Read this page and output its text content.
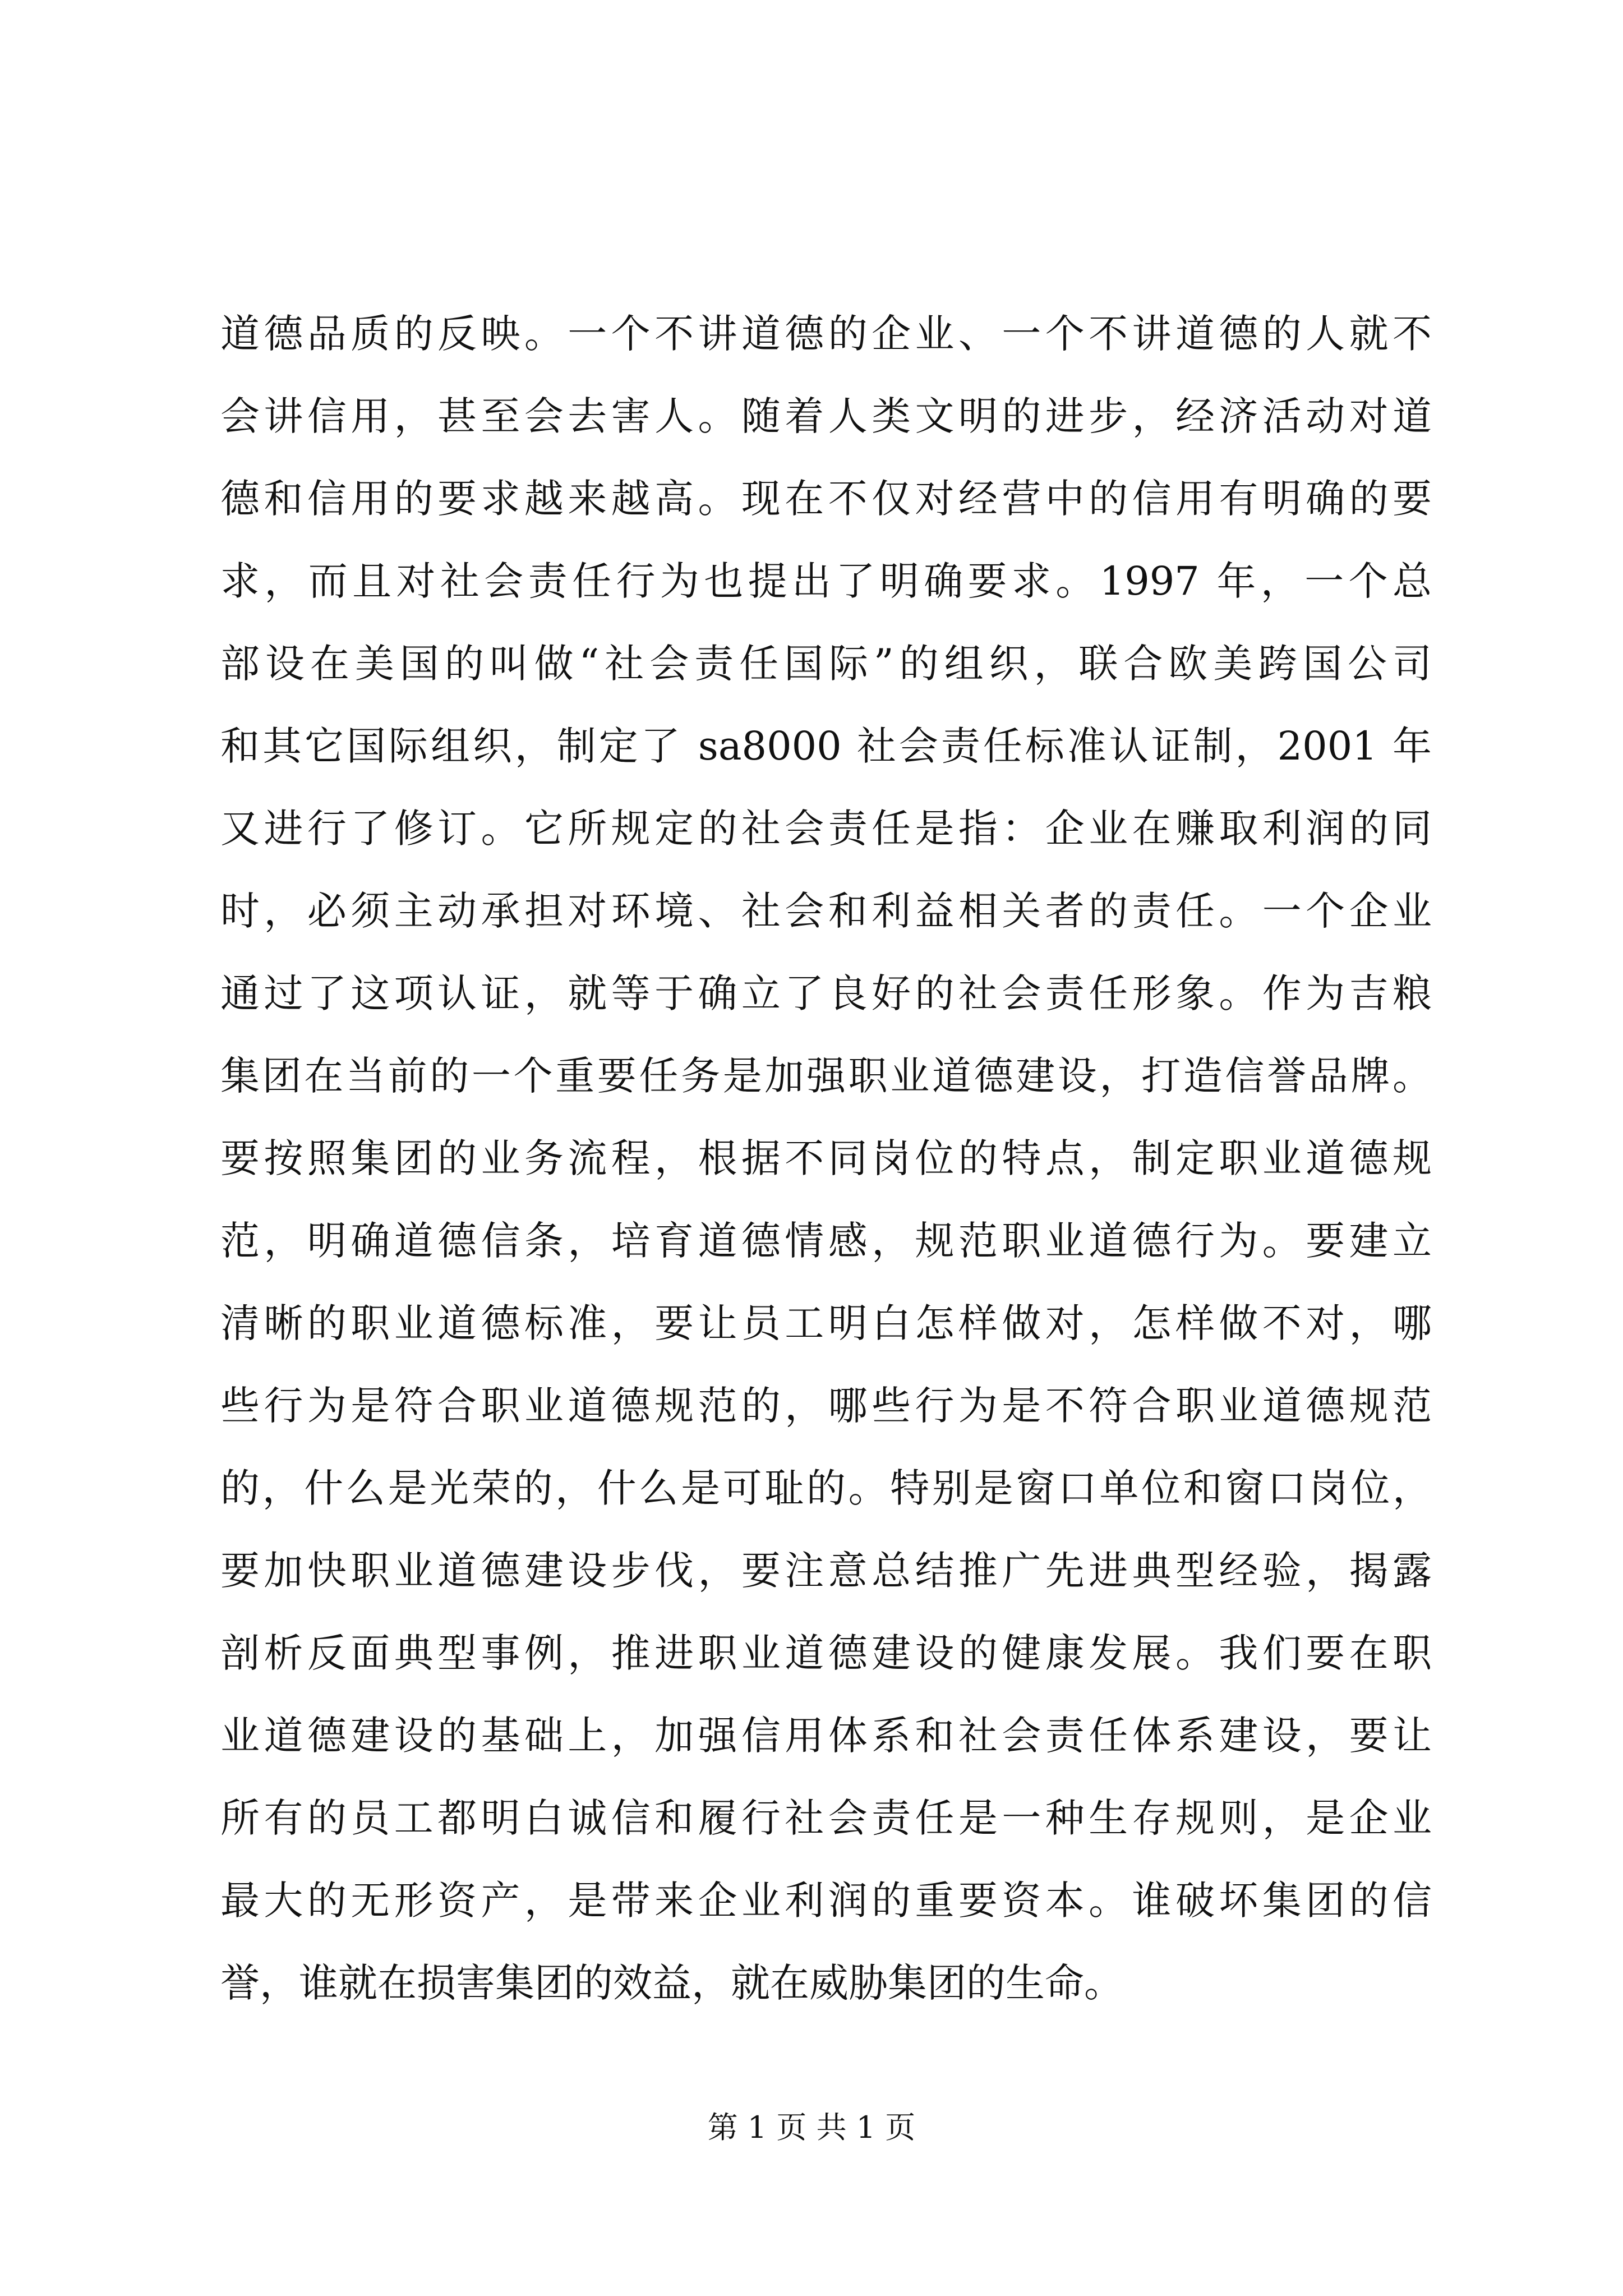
道德品质的反映。一个不讲道德的企业、一个不讲道德的人就不
会讲信用，甚至会去害人。随着人类文明的进步，经济活动对道
德和信用的要求越来越高。现在不仅对经营中的信用有明确的要
求，而且对社会责任行为也提出了明确要求。1997 年，一个总
部设在美国的叫做“社会责任国际”的组织，联合欧美跨国公司
和其它国际组织，制定了 sa8000 社会责任标准认证制，2001 年
又进行了修订。它所规定的社会责任是指：企业在赚取利润的同
时，必须主动承担对环境、社会和利益相关者的责任。一个企业
通过了这项认证，就等于确立了良好的社会责任形象。作为吉粮
集团在当前的一个重要任务是加强职业道德建设，打造信誉品牌。
要按照集团的业务流程，根据不同岗位的特点，制定职业道德规
范，明确道德信条，培育道德情感，规范职业道德行为。要建立
清晰的职业道德标准，要让员工明白怎样做对，怎样做不对，哪
些行为是符合职业道德规范的，哪些行为是不符合职业道德规范
的，什么是光荣的，什么是可耻的。特别是窗口单位和窗口岗位，
要加快职业道德建设步伐，要注意总结推广先进典型经验，揭露
剖析反面典型事例，推进职业道德建设的健康发展。我们要在职
业道德建设的基础上，加强信用体系和社会责任体系建设，要让
所有的员工都明白诚信和履行社会责任是一种生存规则，是企业
最大的无形资产，是带来企业利润的重要资本。谁破坏集团的信
誉，谁就在损害集团的效益，就在威胁集团的生命。
第 1 页 共 1 页
